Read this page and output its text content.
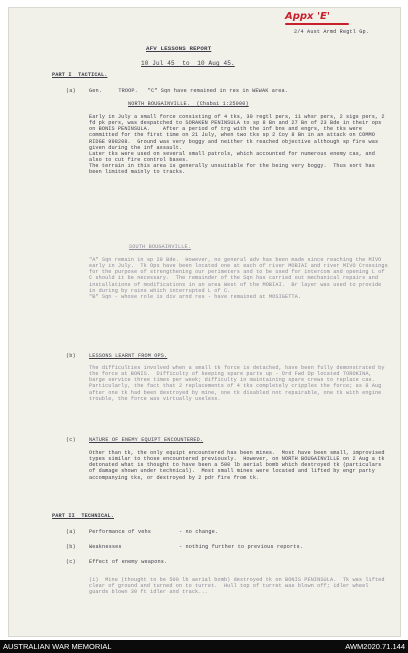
Appx 'E'
2/4 Aust Armd Regtl Gp.
AFV LESSONS REPORT
10 Jul 45  to  10 Aug 45.
PART I  TACTICAL.
(a)	Gen.     TROOP.   "C" Sqn have remained in res in WEWAK area.
NORTH BOUGAINVILLE.  (Chabai 1:25000)
Early in July a small force consisting of 4 tks, 30 regtl pers, 11 whsr pers, 2 sigs pers, 2 fd pk pers, was despatched to SORAKEN PENINSULA to sp 8 Bn and 27 Bn of 23 Bde in their ops on BONIS PENINSULA.    After a period of trg with the inf bns and engrs, the tks were committed for the first time on 21 July, when two tks sp 2 Coy 8 Bn in an attack on COMMO RIDGE 998208.  Ground was very boggy and neither tk reached objective although sp fire was given during the inf assault.
Later tks were used on several small patrols, which accounted for numerous enemy cas, and also to cut fire control bases.
The terrain in this area is generally unsuitable for the being very boggy.  Thus sort has been limited mainly to tracks.
SOUTH BOUGAINVILLE.
"A" Sqn remain in sp 29 Bde.  However, no general adv has been made since reaching the MIVO early in July.  Tk Ops have been located one at each of river MOBIAI and river MIVO Crossings for the purpose of strengthening our perimeters and to be used for intercom and opening L of C should it be necessary.  The remainder of the Sqn has carried out mechanical repairs and installations of modifications in an area West of the MOBIAI.  Br layer was used to provide in during by rains which interrupted L of C.
"B" Sqn - whose role is div arnd res - have remained at MOSIGETTA.
(b)	LESSONS LEARNT FROM OPS.
The difficulties involved when a small tk force is detached, have been fully demonstrated by the force at BONIS.  Difficulty of keeping spare parts up - Ord Fwd Dp located TOROKINA, barge service three times per week; difficulty in maintaining spare crews to replace cas.  Particularly, the fact that 2 replacements of 4 tks completely cripples the force; as 8 Aug after one tk had been destroyed by mine, one tk disabled not repairable, one tk with engine trouble, the force was virtually useless.
(c)	NATURE OF ENEMY EQUIPT ENCOUNTERED.
Other than tk, the only equipt encountered has been mines.  Most have been small, improvised types similar to those encountered previously.  However, on NORTH BOUGAINVILLE on 2 Aug a tk detonated what is thought to have been a 500 lb aerial bomb which destroyed tk (particulars of damage shown under technical).  Most small mines were located and lifted by engr party accompanying tks, or destroyed by 2 pdr fire from tk.
PART II  TECHNICAL.
(a)	Performance of vehs	- no change.
(b)	Weaknesses	- nothing further to previous reports.
(c)	Effect of enemy weapons.
(i)  Mine (thought to be 500 lb aerial bomb) destroyed tk on BONIS PENINSULA.  Tk was lifted clear of ground and turned on to turret.  Hull top of turret was blown off; idler wheel guards blown 30 ft idler and track...
AUSTRALIAN WAR MEMORIAL	AWM2020.71.144
